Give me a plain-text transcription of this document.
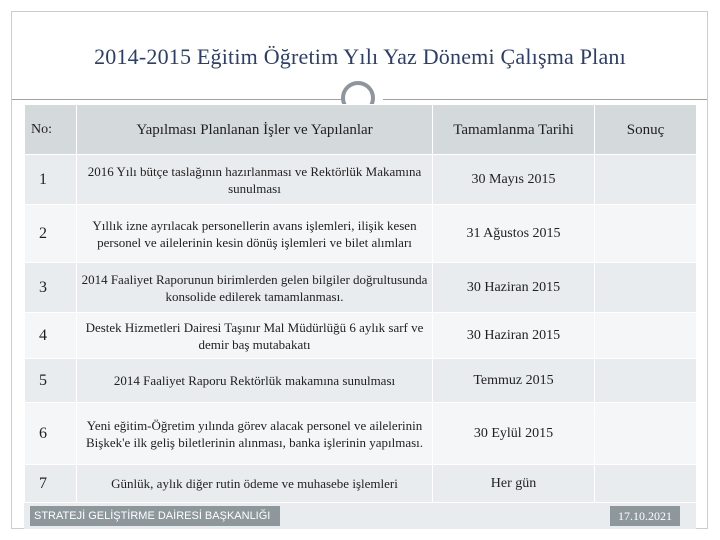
2014-2015 Eğitim Öğretim Yılı Yaz Dönemi Çalışma Planı
No:	Yapılması Planlanan İşler ve Yapılanlar	Tamamlanma Tarihi	Sonuç
1	2016 Yılı bütçe taslağının hazırlanması ve Rektörlük Makamına sunulması	30 Mayıs 2015	
2	Yıllık izne ayrılacak personellerin avans işlemleri, ilişik kesen personel ve ailelerinin kesin dönüş işlemleri ve bilet alımları	31 Ağustos 2015	
3	2014 Faaliyet Raporunun birimlerden gelen bilgiler doğrultusunda konsolide edilerek tamamlanması.	30 Haziran 2015	
4	Destek Hizmetleri Dairesi Taşınır Mal Müdürlüğü 6 aylık sarf ve demir baş mutabakatı	30 Haziran 2015	
5	2014 Faaliyet Raporu Rektörlük makamına sunulması	Temmuz 2015	
6	Yeni eğitim-Öğretim yılında görev alacak personel ve ailelerinin Bişkek'e ilk geliş biletlerinin alınması, banka işlerinin yapılması.	30 Eylül 2015	
7	Günlük, aylık diğer rutin ödeme ve muhasebe işlemleri	Her gün	
STRATEJİ GELİŞTİRME DAİRESİ BAŞKANLIĞI	17.10.2021
